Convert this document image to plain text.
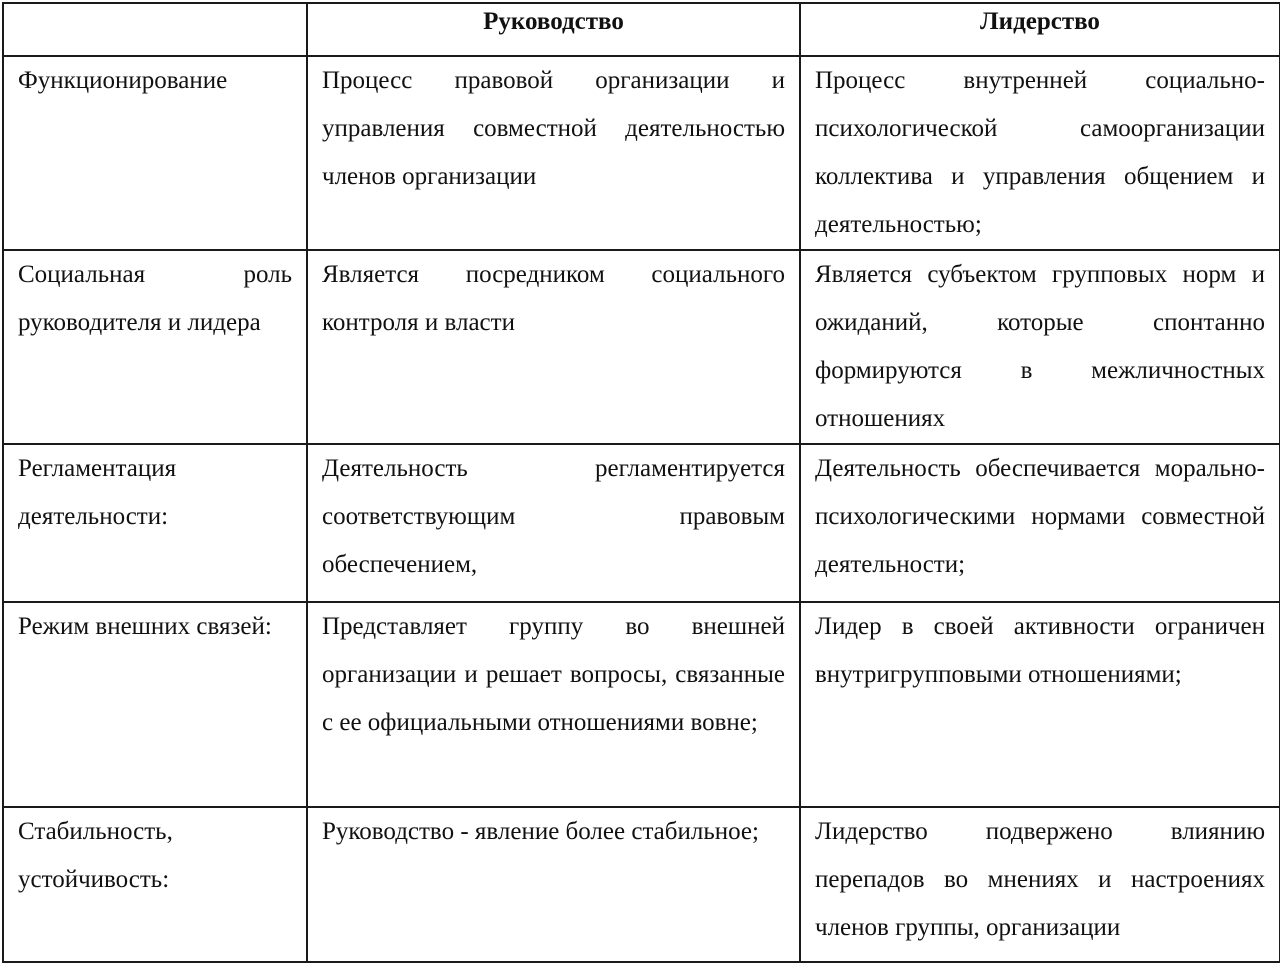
	Руководство	Лидерство
Функционирование	Процесс правовой организации и управления совместной деятельностью членов организации	Процесс внутренней социально-психологической самоорганизации коллектива и управления общением и деятельностью;
Социальная роль руководителя и лидера	Является посредником социального контроля и власти	Является субъектом групповых норм и ожиданий, которые спонтанно формируются в межличностных отношениях
Регламентация деятельности:	Деятельность регламентируется соответствующим правовым обеспечением,	Деятельность обеспечивается морально-психологическими нормами совместной деятельности;
Режим внешних связей:	Представляет группу во внешней организации и решает вопросы, связанные с ее официальными отношениями вовне;	Лидер в своей активности ограничен внутригрупповыми отношениями;
Стабильность, устойчивость:	Руководство - явление более стабильное;	Лидерство подвержено влиянию перепадов во мнениях и настроениях членов группы, организации
